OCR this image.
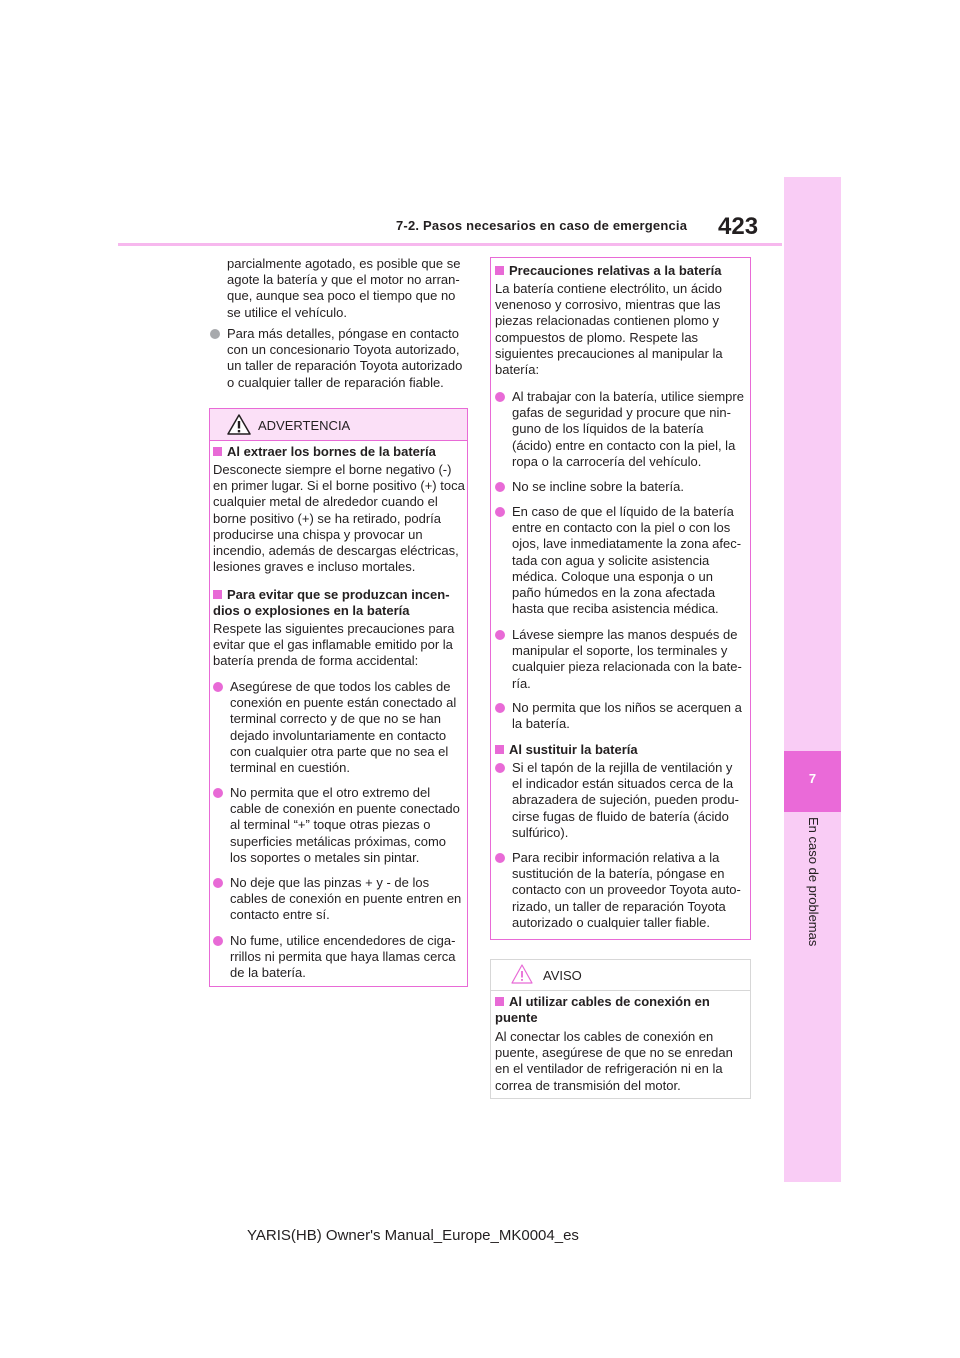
7-2. Pasos necesarios en caso de emergencia 423
7
En caso de problemas

parcialmente agotado, es posible que se agote la batería y que el motor no arran-que, aunque sea poco el tiempo que no se utilice el vehículo.

Para más detalles, póngase en contacto con un concesionario Toyota autorizado, un taller de reparación Toyota autorizado o cualquier taller de reparación fiable.

ADVERTENCIA
Al extraer los bornes de la batería

Desconecte siempre el borne negativo (-) en primer lugar. Si el borne positivo (+) toca cualquier metal de alrededor cuando el borne positivo (+) se ha retirado, podría producirse una chispa y provocar un incendio, además de descargas eléctricas, lesiones graves e incluso mortales.

Para evitar que se produzcan incen-dios o explosiones en la batería

Respete las siguientes precauciones para evitar que el gas inflamable emitido por la batería prenda de forma accidental:

Asegúrese de que todos los cables de conexión en puente están conectado al terminal correcto y de que no se han dejado involuntariamente en contacto con cualquier otra parte que no sea el terminal en cuestión.

No permita que el otro extremo del cable de conexión en puente conectado al terminal “+” toque otras piezas o superficies metálicas próximas, como los soportes o metales sin pintar.

No deje que las pinzas + y - de los cables de conexión en puente entren en contacto entre sí.

No fume, utilice encendedores de ciga-rrillos ni permita que haya llamas cerca de la batería.

Precauciones relativas a la batería

La batería contiene electrólito, un ácido venenoso y corrosivo, mientras que las piezas relacionadas contienen plomo y compuestos de plomo. Respete las siguientes precauciones al manipular la batería:

Al trabajar con la batería, utilice siempre gafas de seguridad y procure que nin-guno de los líquidos de la batería (ácido) entre en contacto con la piel, la ropa o la carrocería del vehículo.

No se incline sobre la batería.

En caso de que el líquido de la batería entre en contacto con la piel o con los ojos, lave inmediatamente la zona afec-tada con agua y solicite asistencia médica. Coloque una esponja o un paño húmedos en la zona afectada hasta que reciba asistencia médica.

Lávese siempre las manos después de manipular el soporte, los terminales y cualquier pieza relacionada con la bate-ría.

No permita que los niños se acerquen a la batería.

Al sustituir la batería

Si el tapón de la rejilla de ventilación y el indicador están situados cerca de la abrazadera de sujeción, pueden produ-cirse fugas de fluido de batería (ácido sulfúrico).

Para recibir información relativa a la sustitución de la batería, póngase en contacto con un proveedor Toyota auto-rizado, un taller de reparación Toyota autorizado o cualquier taller fiable.

AVISO
Al utilizar cables de conexión en puente

Al conectar los cables de conexión en puente, asegúrese de que no se enredan en el ventilador de refrigeración ni en la correa de transmisión del motor.

YARIS(HB) Owner's Manual_Europe_MK0004_es
